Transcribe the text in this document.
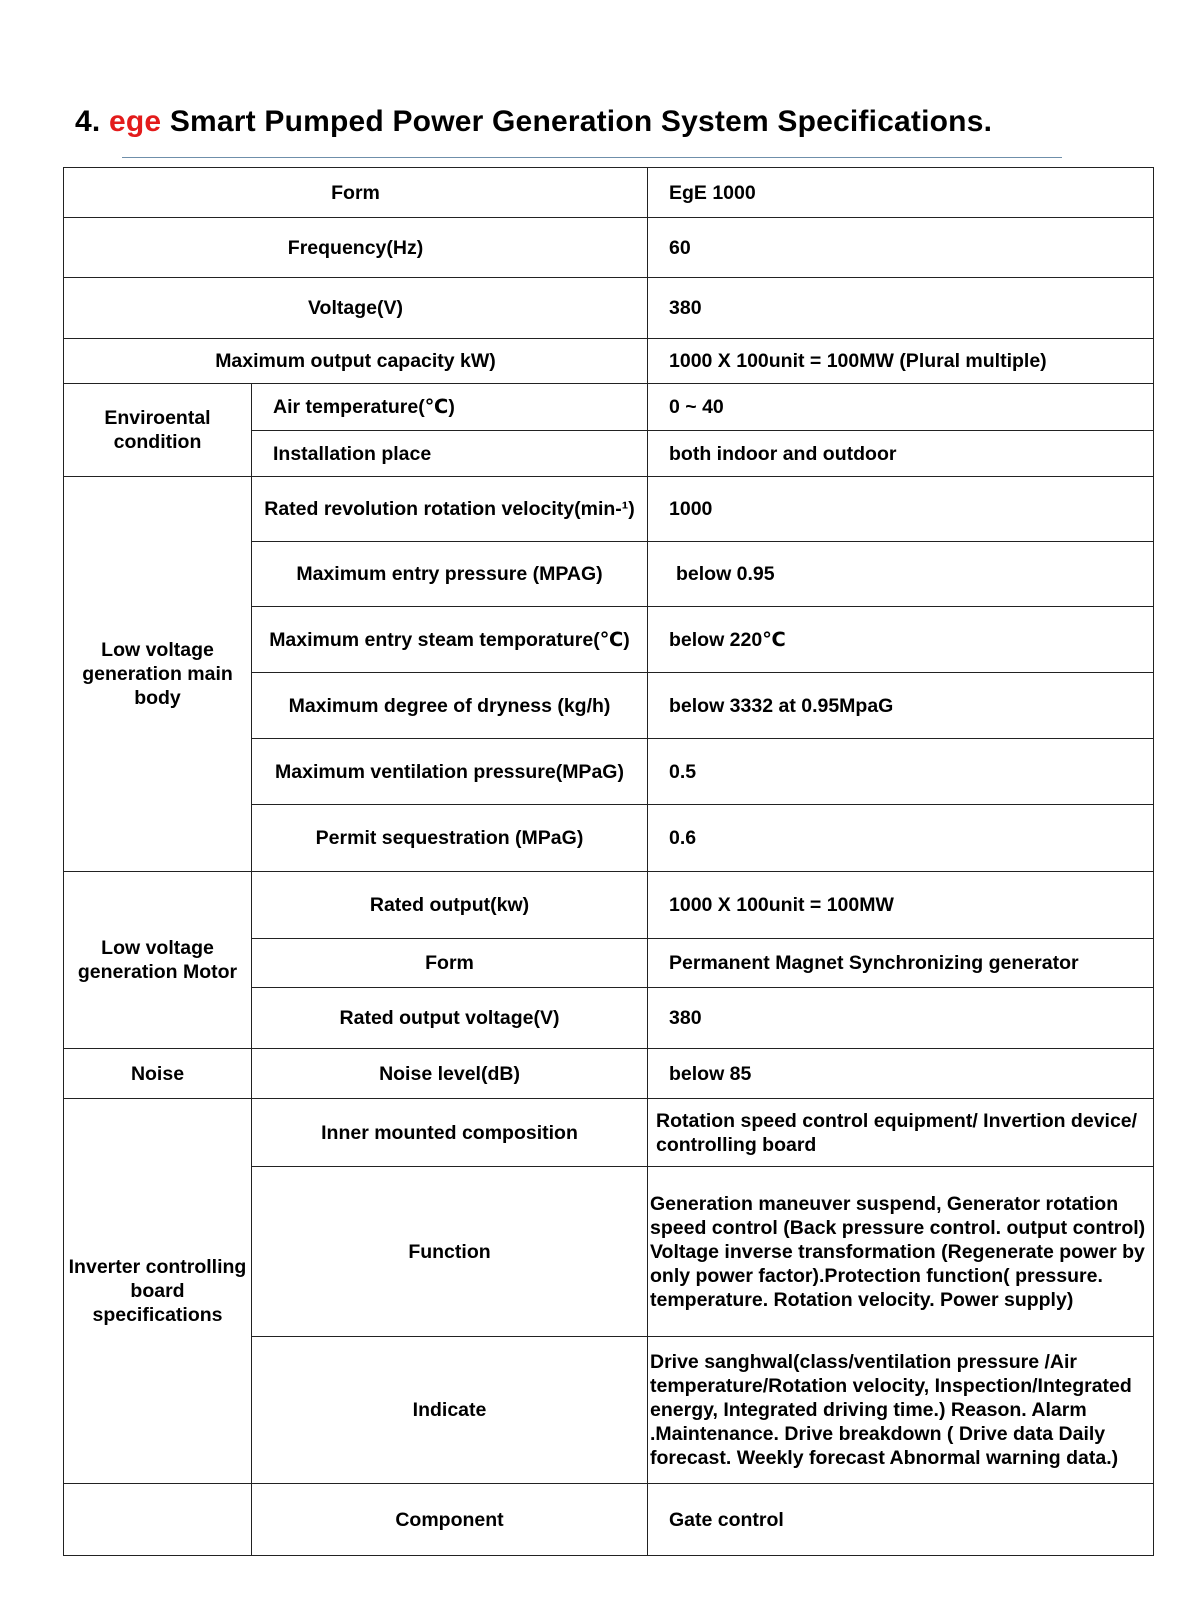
4. ege Smart Pumped Power Generation System Specifications.
Form		EgE 1000
Frequency(Hz)		60
Voltage(V)		380
Maximum output capacity kW)		1000 X 100unit = 100MW (Plural multiple)
Enviroental condition	Air temperature(℃)	0 ~ 40
	Installation place	both indoor and outdoor
Low voltage generation main body	Rated revolution rotation velocity(min-¹)	1000
	Maximum entry pressure (MPAG)	below 0.95
	Maximum entry steam temporature(℃)	below 220℃
	Maximum degree of dryness (kg/h)	below 3332 at 0.95MpaG
	Maximum ventilation pressure(MPaG)	0.5
	Permit sequestration (MPaG)	0.6
Low voltage generation Motor	Rated output(kw)	1000 X 100unit = 100MW
	Form	Permanent Magnet Synchronizing generator
	Rated output voltage(V)	380
Noise	Noise level(dB)	below 85
Inverter controlling board specifications	Inner mounted composition	Rotation speed control equipment/ Invertion device/ controlling board
	Function	Generation maneuver suspend, Generator rotation speed control (Back pressure control. output control) Voltage inverse transformation (Regenerate power by only power factor).Protection function( pressure. temperature. Rotation velocity. Power supply)
	Indicate	Drive sanghwal(class/ventilation pressure /Air temperature/Rotation velocity, Inspection/Integrated energy, Integrated driving time.) Reason. Alarm .Maintenance. Drive breakdown ( Drive data Daily forecast. Weekly forecast Abnormal warning data.)
	Component	Gate control
